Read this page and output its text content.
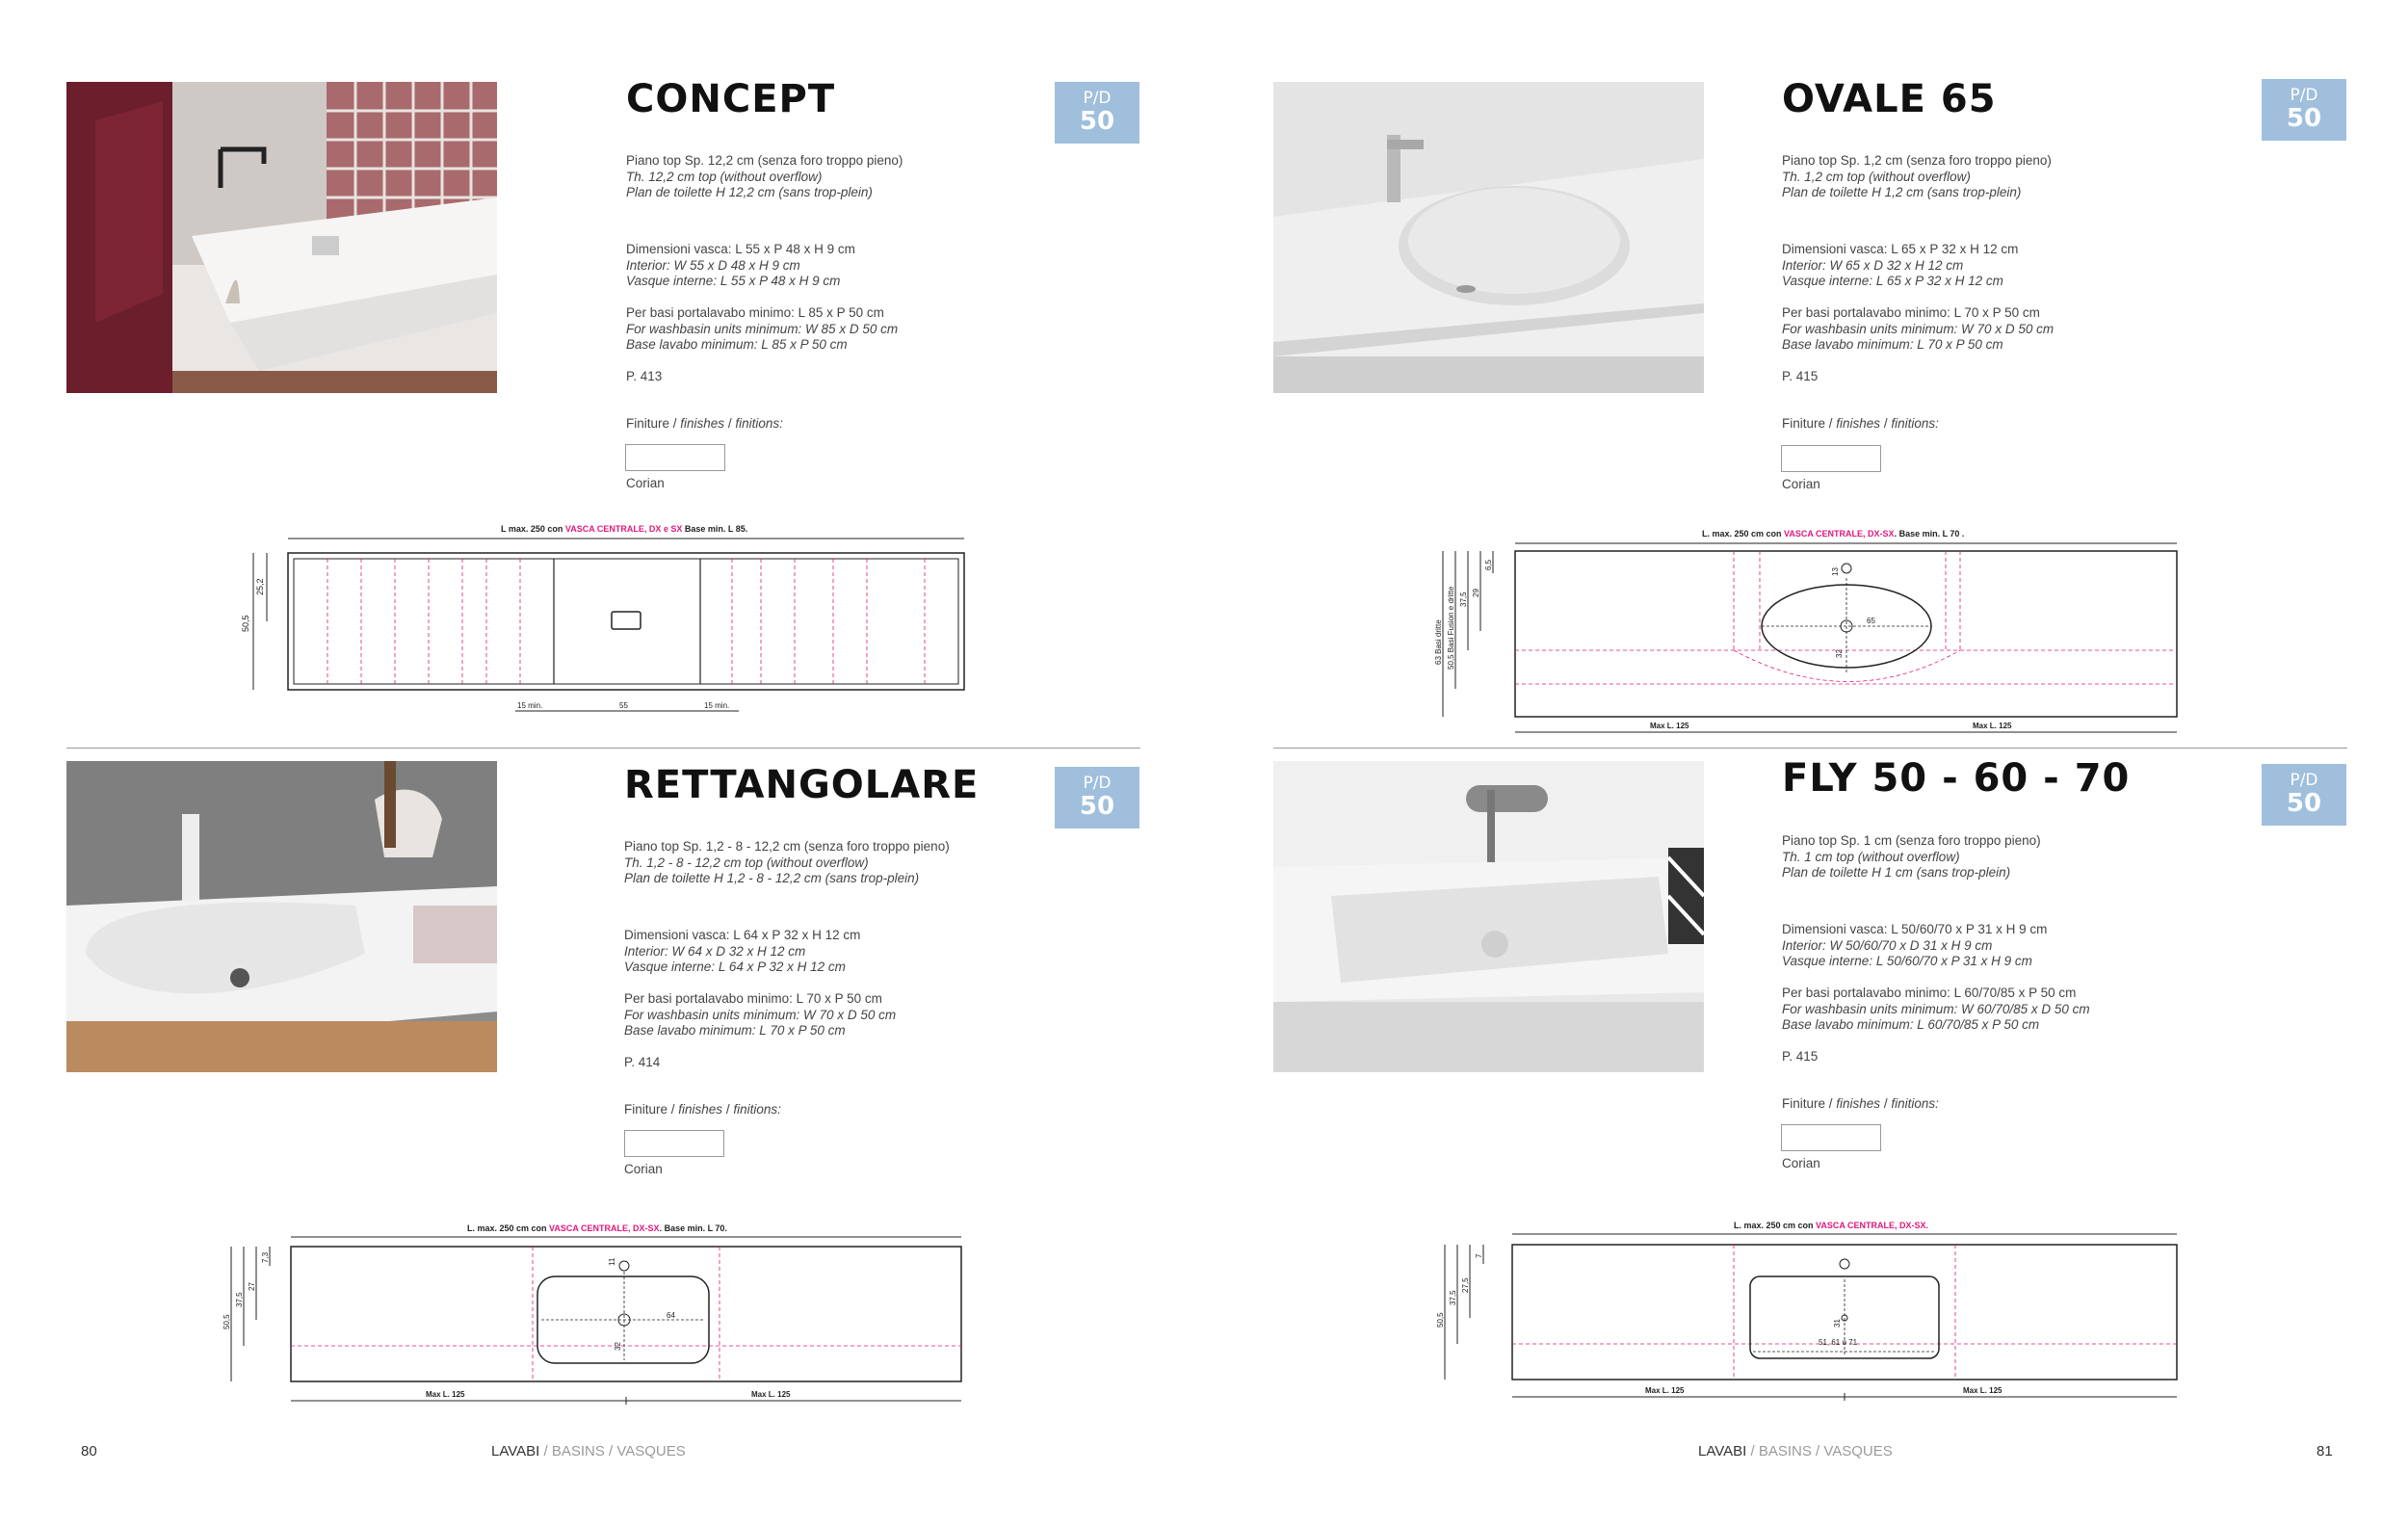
CONCEPT	P/D
50
Piano top Sp. 12,2 cm (senza foro troppo pieno)
Th. 12,2 cm top (without overflow)
Plan de toilette H 12,2 cm (sans trop-plein)
Dimensioni vasca: L 55 x P 48 x H 9 cm
Interior: W 55 x D 48 x H 9 cm
Vasque interne: L 55 x P 48 x H 9 cm
Per basi portalavabo minimo: L 85 x P 50 cm
For washbasin units minimum: W 85 x D 50 cm
Base lavabo minimum: L 85 x P 50 cm
P. 413
Finiture / finishes / finitions:
Corian
L max. 250 con VASCA CENTRALE, DX e SX Base min. L 85.
50,5
25,2
15 min.	55	15 min.
OVALE 65	P/D
50
Piano top Sp. 1,2 cm (senza foro troppo pieno)
Th. 1,2 cm top (without overflow)
Plan de toilette H 1,2 cm (sans trop-plein)
Dimensioni vasca: L 65 x P 32 x H 12 cm
Interior: W 65 x D 32 x H 12 cm
Vasque interne: L 65 x P 32 x H 12 cm
Per basi portalavabo minimo: L 70 x P 50 cm
For washbasin units minimum: W 70 x D 50 cm
Base lavabo minimum: L 70 x P 50 cm
P. 415
Finiture / finishes / finitions:
Corian
L. max. 250 cm con VASCA CENTRALE, DX-SX. Base min. L 70 .
13
65
32
63 Basi dritte 50,5 Basi Fusion e dritte 37,5 29
6,5
Max L. 125	Max L. 125
RETTANGOLARE	P/D
50
Piano top Sp. 1,2 - 8 - 12,2 cm (senza foro troppo pieno)
Th. 1,2 - 8 - 12,2 cm top (without overflow)
Plan de toilette H 1,2 - 8 - 12,2 cm (sans trop-plein)
Dimensioni vasca: L 64 x P 32 x H 12 cm
Interior: W 64 x D 32 x H 12 cm
Vasque interne: L 64 x P 32 x H 12 cm
Per basi portalavabo minimo: L 70 x P 50 cm
For washbasin units minimum: W 70 x D 50 cm
Base lavabo minimum: L 70 x P 50 cm
P. 414
Finiture / finishes / finitions:
Corian
L. max. 250 cm con VASCA CENTRALE, DX-SX. Base min. L 70.
11
64
32
50,5
37,5
27
7,3
Max L. 125	Max L. 125
FLY 50 - 60 - 70	P/D
50
Piano top Sp. 1 cm (senza foro troppo pieno)
Th. 1 cm top (without overflow)
Plan de toilette H 1 cm (sans trop-plein)
Dimensioni vasca: L 50/60/70 x P 31 x H 9 cm
Interior: W 50/60/70 x D 31 x H 9 cm
Vasque interne: L 50/60/70 x P 31 x H 9 cm
Per basi portalavabo minimo: L 60/70/85 x P 50 cm
For washbasin units minimum: W 60/70/85 x D 50 cm
Base lavabo minimum: L 60/70/85 x P 50 cm
P. 415
Finiture / finishes / finitions:
Corian
L. max. 250 cm con VASCA CENTRALE, DX-SX.
31
51, 61 o 71
50,5
37,5
27,5
7
Max L. 125	Max L. 125
80	LAVABI / BASINS / VASQUES	LAVABI / BASINS / VASQUES	81
